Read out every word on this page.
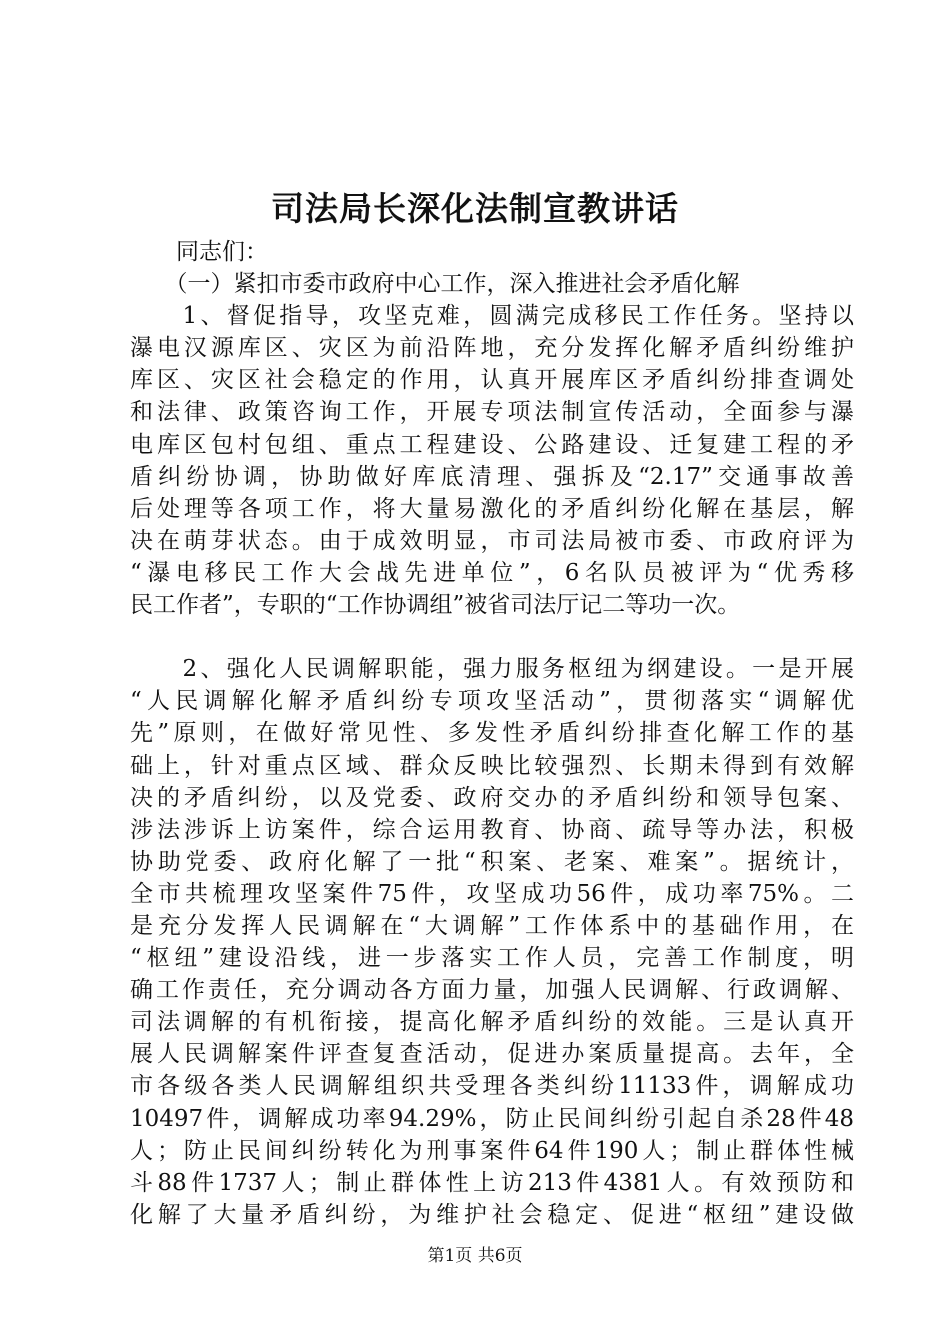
司法局长深化法制宣教讲话
　　同志们：
　　（一）紧扣市委市政府中心工作，深入推进社会矛盾化解
　　1、督促指导，攻坚克难，圆满完成移民工作任务。坚持以
瀑电汉源库区、灾区为前沿阵地，充分发挥化解矛盾纠纷维护
库区、灾区社会稳定的作用，认真开展库区矛盾纠纷排查调处
和法律、政策咨询工作，开展专项法制宣传活动，全面参与瀑
电库区包村包组、重点工程建设、公路建设、迁复建工程的矛
盾纠纷协调，协助做好库底清理、强拆及“2.17”交通事故善
后处理等各项工作，将大量易激化的矛盾纠纷化解在基层，解
决在萌芽状态。由于成效明显，市司法局被市委、市政府评为
“瀑电移民工作大会战先进单位”，6名队员被评为“优秀移
民工作者”，专职的“工作协调组”被省司法厅记二等功一次。
　　2、强化人民调解职能，强力服务枢纽为纲建设。一是开展
“人民调解化解矛盾纠纷专项攻坚活动”，贯彻落实“调解优
先”原则，在做好常见性、多发性矛盾纠纷排查化解工作的基
础上，针对重点区域、群众反映比较强烈、长期未得到有效解
决的矛盾纠纷，以及党委、政府交办的矛盾纠纷和领导包案、
涉法涉诉上访案件，综合运用教育、协商、疏导等办法，积极
协助党委、政府化解了一批“积案、老案、难案”。据统计，
全市共梳理攻坚案件75件，攻坚成功56件，成功率75%。二
是充分发挥人民调解在“大调解”工作体系中的基础作用，在
“枢纽”建设沿线，进一步落实工作人员，完善工作制度，明
确工作责任，充分调动各方面力量，加强人民调解、行政调解、
司法调解的有机衔接，提高化解矛盾纠纷的效能。三是认真开
展人民调解案件评查复查活动，促进办案质量提高。去年，全
市各级各类人民调解组织共受理各类纠纷11133件，调解成功
10497件，调解成功率94.29%，防止民间纠纷引起自杀28件48
人；防止民间纠纷转化为刑事案件64件190人；制止群体性械
斗88件1737人；制止群体性上访213件4381人。有效预防和
化解了大量矛盾纠纷，为维护社会稳定、促进“枢纽”建设做
第1页 共6页
